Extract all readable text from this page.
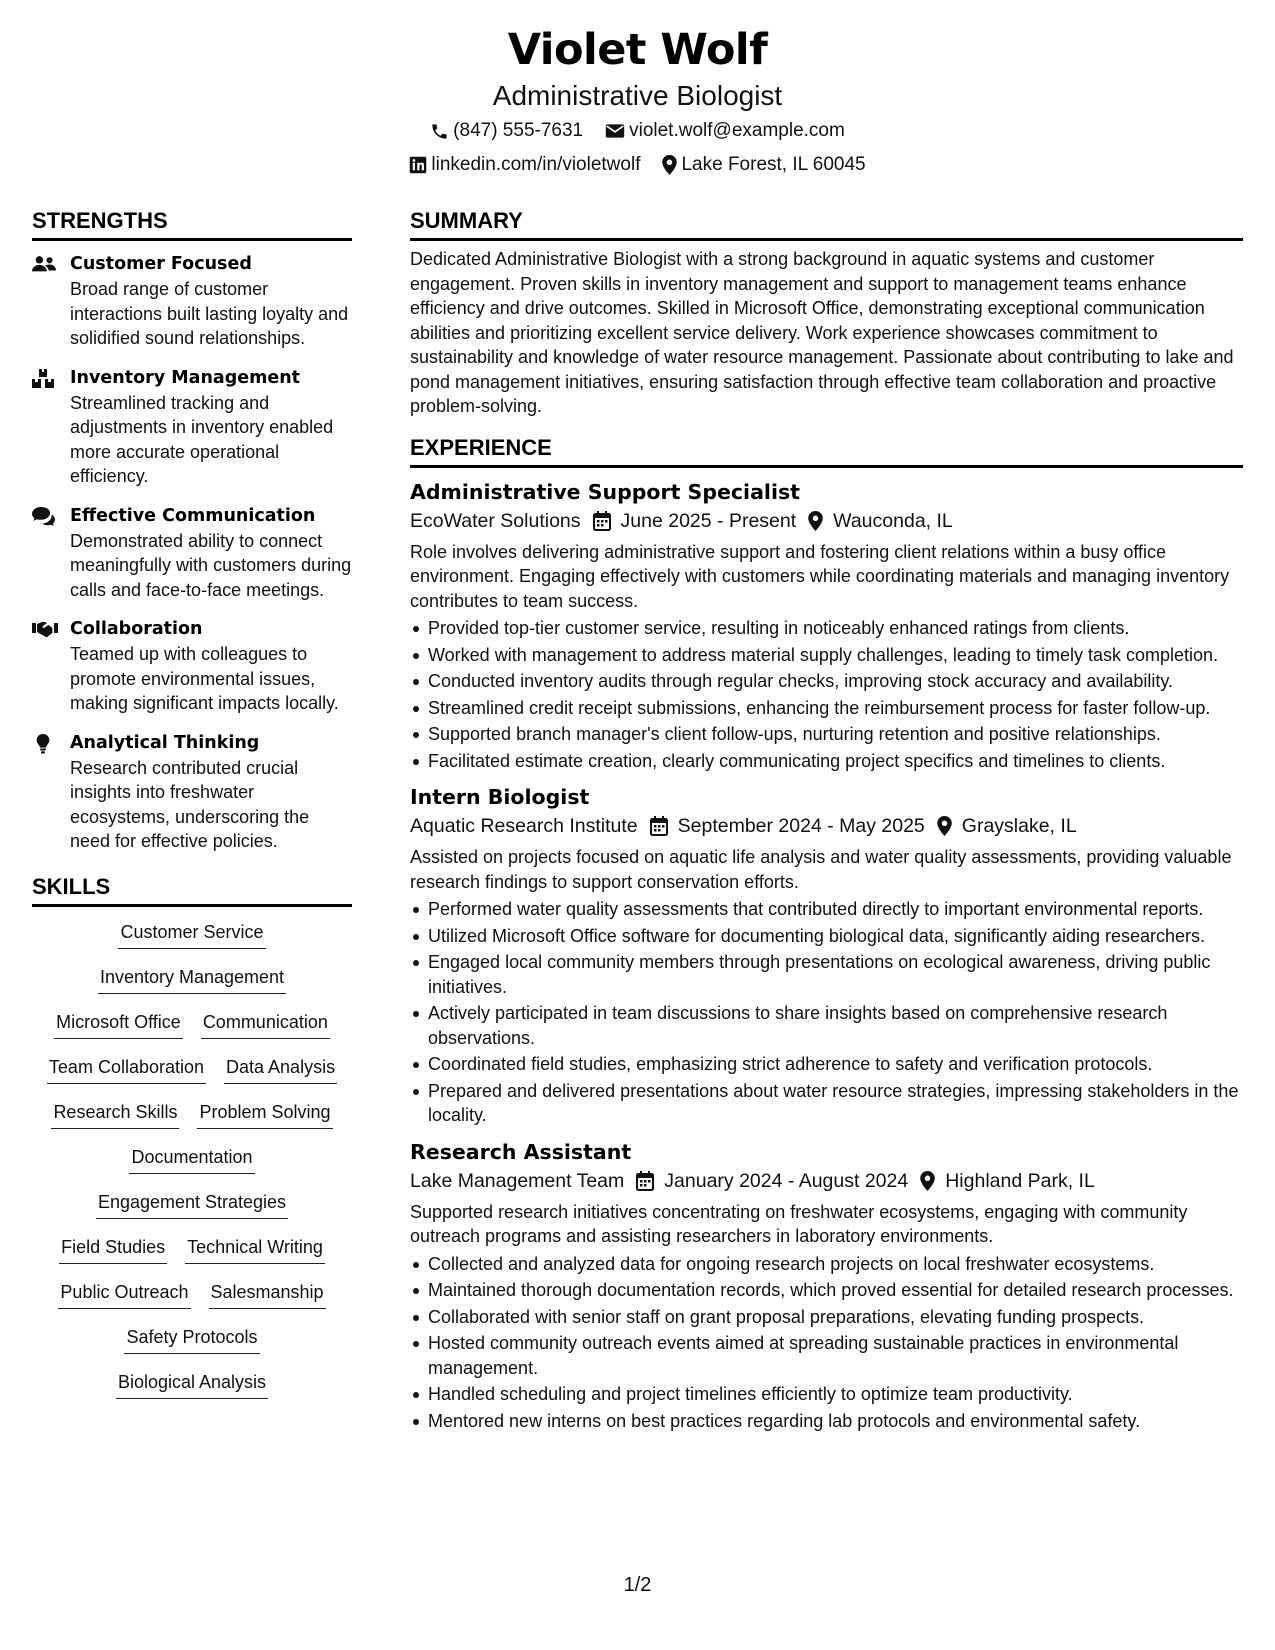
Violet Wolf
Administrative Biologist
(847) 555-7631 violet.wolf@example.com
linkedin.com/in/violetwolf Lake Forest, IL 60045
STRENGTHS
Customer Focused
Broad range of customer interactions built lasting loyalty and solidified sound relationships.
Inventory Management
Streamlined tracking and adjustments in inventory enabled more accurate operational efficiency.
Effective Communication
Demonstrated ability to connect meaningfully with customers during calls and face-to-face meetings.
Collaboration
Teamed up with colleagues to promote environmental issues, making significant impacts locally.
Analytical Thinking
Research contributed crucial insights into freshwater ecosystems, underscoring the need for effective policies.
SKILLS
Customer Service
Inventory Management
Microsoft Office Communication
Team Collaboration Data Analysis
Research Skills Problem Solving
Documentation
Engagement Strategies
Field Studies Technical Writing
Public Outreach Salesmanship
Safety Protocols
Biological Analysis
SUMMARY
Dedicated Administrative Biologist with a strong background in aquatic systems and customer engagement. Proven skills in inventory management and support to management teams enhance efficiency and drive outcomes. Skilled in Microsoft Office, demonstrating exceptional communication abilities and prioritizing excellent service delivery. Work experience showcases commitment to sustainability and knowledge of water resource management. Passionate about contributing to lake and pond management initiatives, ensuring satisfaction through effective team collaboration and proactive problem-solving.
EXPERIENCE
Administrative Support Specialist
EcoWater Solutions June 2025 - Present Wauconda, IL
Role involves delivering administrative support and fostering client relations within a busy office environment. Engaging effectively with customers while coordinating materials and managing inventory contributes to team success.
Provided top-tier customer service, resulting in noticeably enhanced ratings from clients.
Worked with management to address material supply challenges, leading to timely task completion.
Conducted inventory audits through regular checks, improving stock accuracy and availability.
Streamlined credit receipt submissions, enhancing the reimbursement process for faster follow-up.
Supported branch manager's client follow-ups, nurturing retention and positive relationships.
Facilitated estimate creation, clearly communicating project specifics and timelines to clients.
Intern Biologist
Aquatic Research Institute September 2024 - May 2025 Grayslake, IL
Assisted on projects focused on aquatic life analysis and water quality assessments, providing valuable research findings to support conservation efforts.
Performed water quality assessments that contributed directly to important environmental reports.
Utilized Microsoft Office software for documenting biological data, significantly aiding researchers.
Engaged local community members through presentations on ecological awareness, driving public initiatives.
Actively participated in team discussions to share insights based on comprehensive research observations.
Coordinated field studies, emphasizing strict adherence to safety and verification protocols.
Prepared and delivered presentations about water resource strategies, impressing stakeholders in the locality.
Research Assistant
Lake Management Team January 2024 - August 2024 Highland Park, IL
Supported research initiatives concentrating on freshwater ecosystems, engaging with community outreach programs and assisting researchers in laboratory environments.
Collected and analyzed data for ongoing research projects on local freshwater ecosystems.
Maintained thorough documentation records, which proved essential for detailed research processes.
Collaborated with senior staff on grant proposal preparations, elevating funding prospects.
Hosted community outreach events aimed at spreading sustainable practices in environmental management.
Handled scheduling and project timelines efficiently to optimize team productivity.
Mentored new interns on best practices regarding lab protocols and environmental safety.
1/2
